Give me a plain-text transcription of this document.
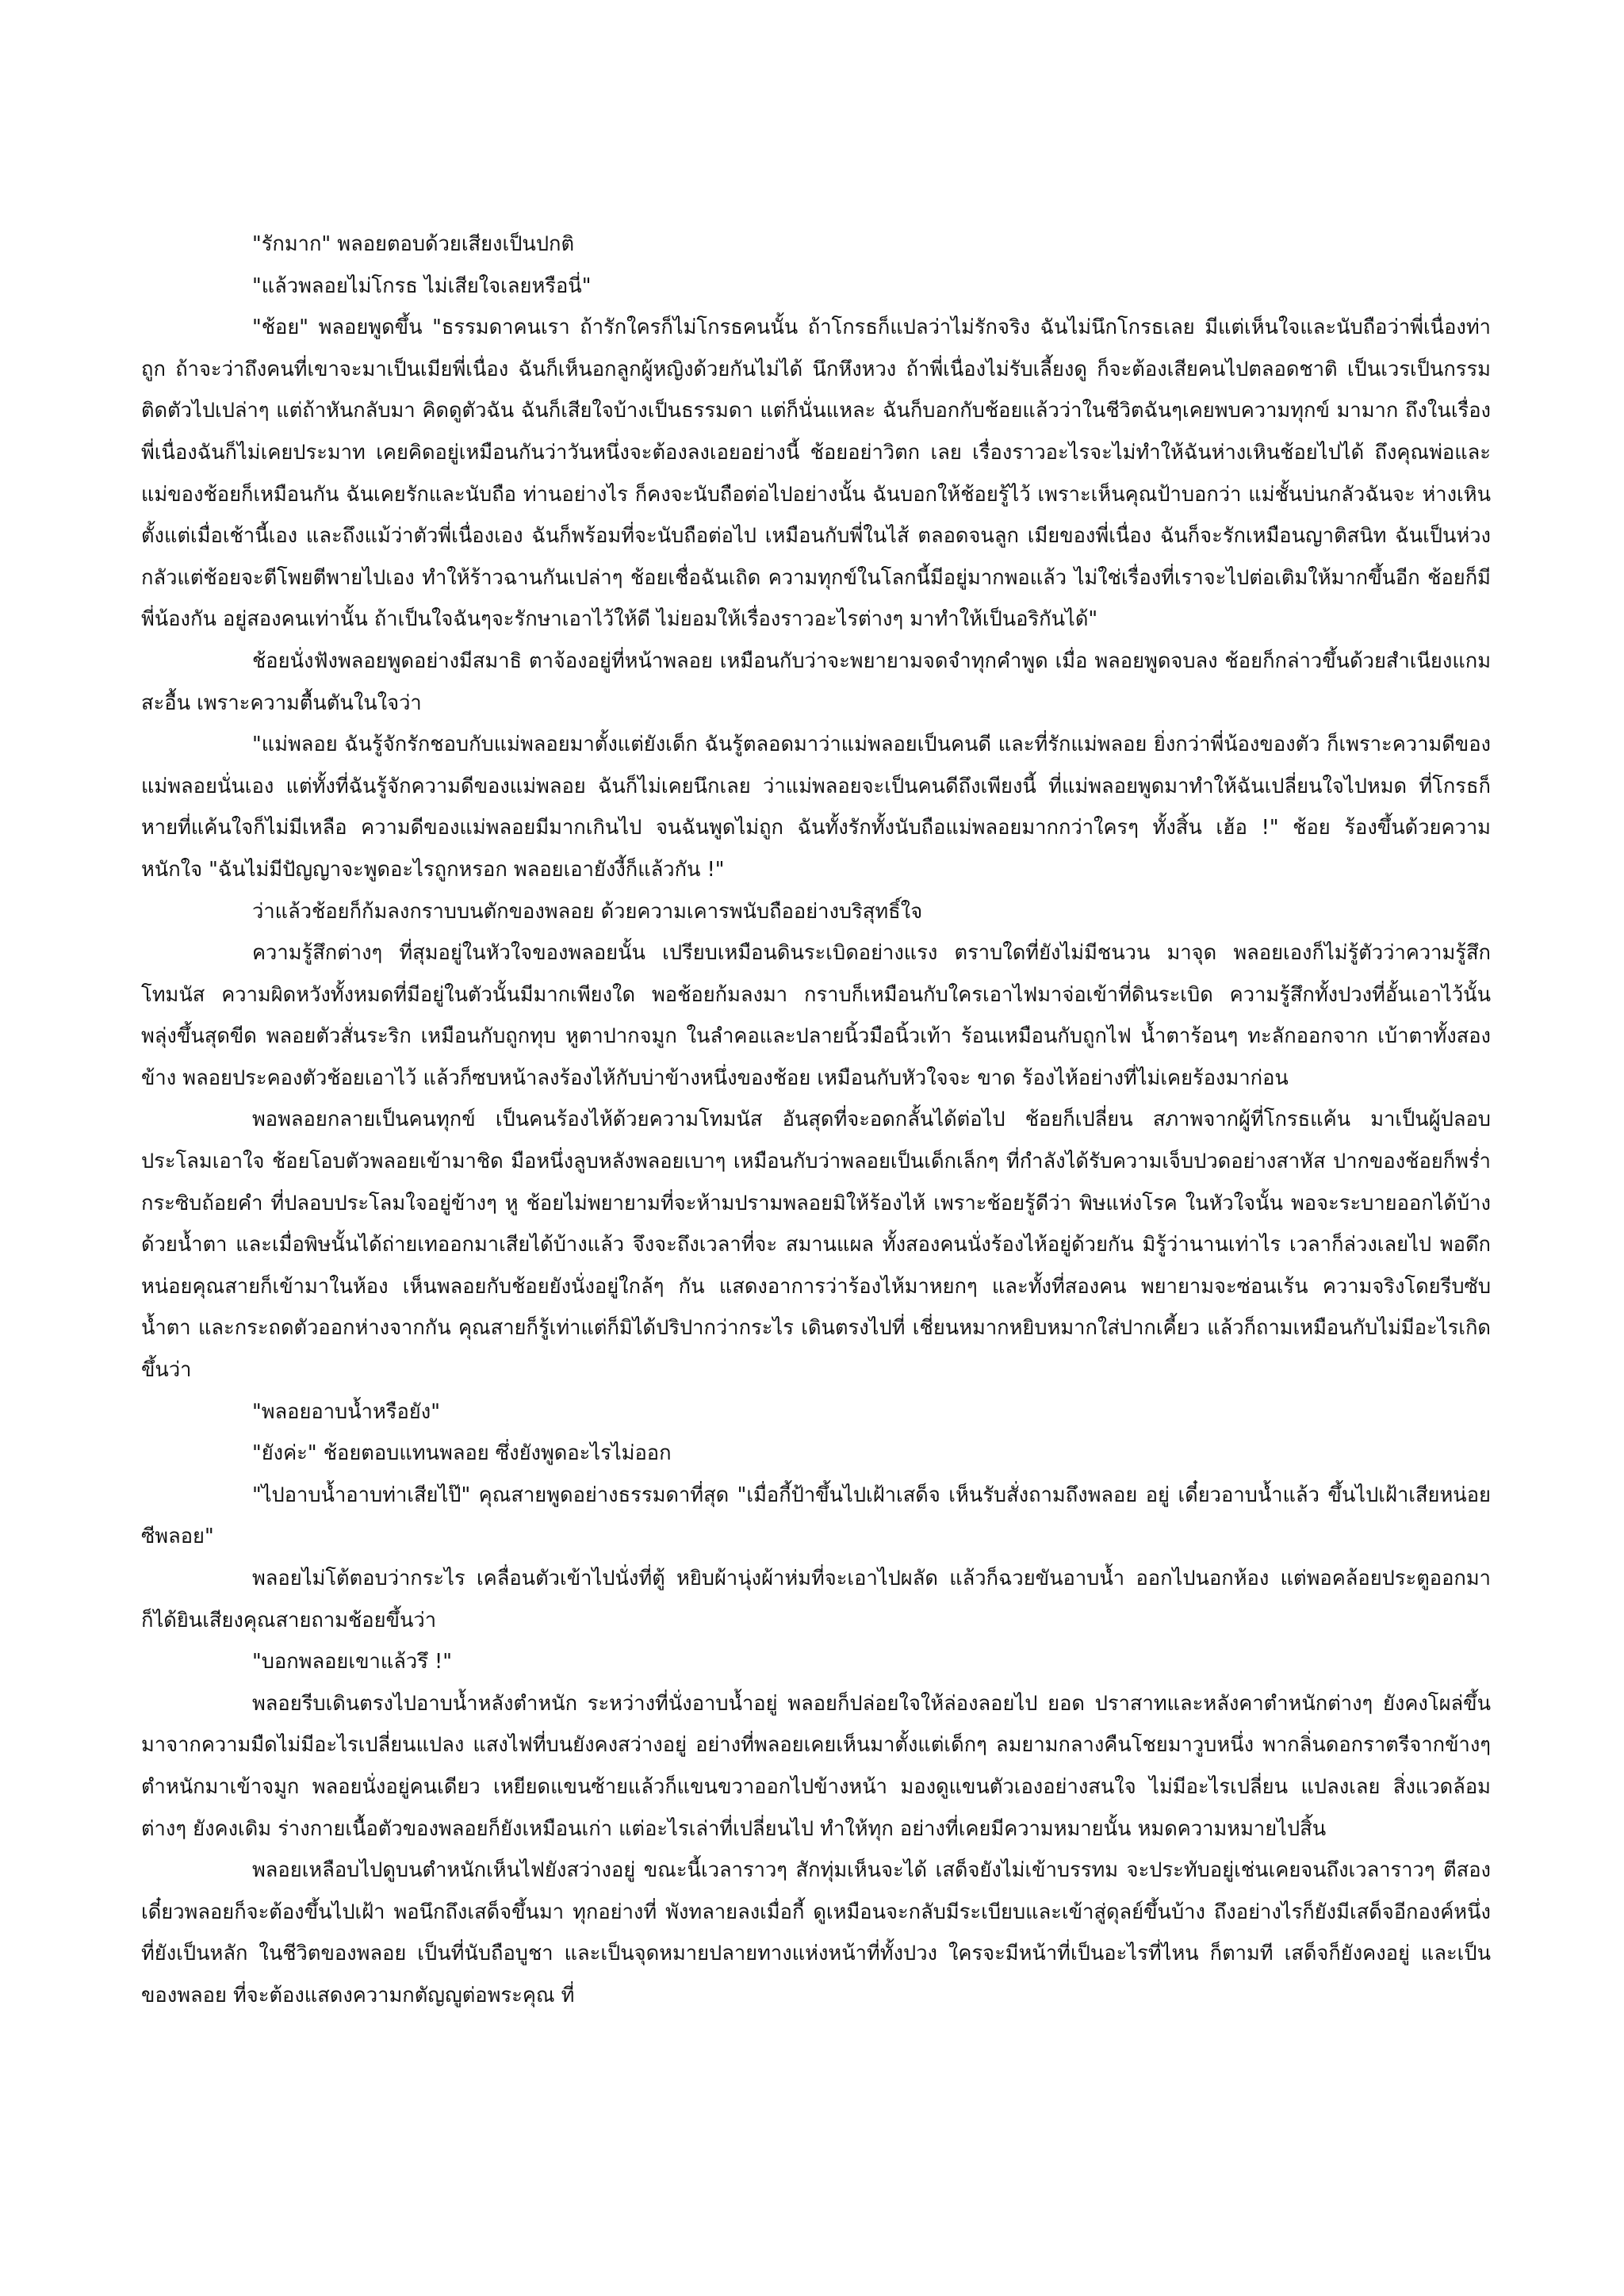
"รักมาก" พลอยตอบด้วยเสียงเป็นปกติ

"แล้วพลอยไม่โกรธ ไม่เสียใจเลยหรือนี่"

"ช้อย" พลอยพูดขึ้น "ธรรมดาคนเรา ถ้ารักใครก็ไม่โกรธคนนั้น ถ้าโกรธก็แปลว่าไม่รักจริง ฉันไม่นึกโกรธเลย มีแต่เห็นใจและนับถือว่าพี่เนื่องท่าถูก ถ้าจะว่าถึงคนที่เขาจะมาเป็นเมียพี่เนื่อง ฉันก็เห็นอกลูกผู้หญิงด้วยกันไม่ได้ นึกหึงหวง ถ้าพี่เนื่องไม่รับเลี้ยงดู ก็จะต้องเสียคนไปตลอดชาติ เป็นเวรเป็นกรรมติดตัวไปเปล่าๆ แต่ถ้าหันกลับมา คิดดูตัวฉัน ฉันก็เสียใจบ้างเป็นธรรมดา แต่ก็นั่นแหละ ฉันก็บอกกับช้อยแล้วว่าในชีวิตฉันๆเคยพบความทุกข์ มามาก ถึงในเรื่องพี่เนื่องฉันก็ไม่เคยประมาท เคยคิดอยู่เหมือนกันว่าวันหนึ่งจะต้องลงเอยอย่างนี้ ช้อยอย่าวิตก เลย เรื่องราวอะไรจะไม่ทำให้ฉันห่างเหินช้อยไปได้ ถึงคุณพ่อและแม่ของช้อยก็เหมือนกัน ฉันเคยรักและนับถือ ท่านอย่างไร ก็คงจะนับถือต่อไปอย่างนั้น ฉันบอกให้ช้อยรู้ไว้ เพราะเห็นคุณป้าบอกว่า แม่ชั้นบ่นกลัวฉันจะ ห่างเหินตั้งแต่เมื่อเช้านี้เอง และถึงแม้ว่าตัวพี่เนื่องเอง ฉันก็พร้อมที่จะนับถือต่อไป เหมือนกับพี่ในไส้ ตลอดจนลูก เมียของพี่เนื่อง ฉันก็จะรักเหมือนญาติสนิท ฉันเป็นห่วงกลัวแต่ช้อยจะตีโพยตีพายไปเอง ทำให้ร้าวฉานกันเปล่าๆ ช้อยเชื่อฉันเถิด ความทุกข์ในโลกนี้มีอยู่มากพอแล้ว ไม่ใช่เรื่องที่เราจะไปต่อเติมให้มากขึ้นอีก ช้อยก็มีพี่น้องกัน อยู่สองคนเท่านั้น ถ้าเป็นใจฉันๆจะรักษาเอาไว้ให้ดี ไม่ยอมให้เรื่องราวอะไรต่างๆ มาทำให้เป็นอริกันได้"

ช้อยนั่งฟังพลอยพูดอย่างมีสมาธิ ตาจ้องอยู่ที่หน้าพลอย เหมือนกับว่าจะพยายามจดจำทุกคำพูด เมื่อ พลอยพูดจบลง ช้อยก็กล่าวขึ้นด้วยสำเนียงแกมสะอื้น เพราะความตื้นตันในใจว่า

"แม่พลอย ฉันรู้จักรักชอบกับแม่พลอยมาตั้งแต่ยังเด็ก ฉันรู้ตลอดมาว่าแม่พลอยเป็นคนดี และที่รักแม่พลอย ยิ่งกว่าพี่น้องของตัว ก็เพราะความดีของแม่พลอยนั่นเอง แต่ทั้งที่ฉันรู้จักความดีของแม่พลอย ฉันก็ไม่เคยนึกเลย ว่าแม่พลอยจะเป็นคนดีถึงเพียงนี้ ที่แม่พลอยพูดมาทำให้ฉันเปลี่ยนใจไปหมด ที่โกรธก็หายที่แค้นใจก็ไม่มีเหลือ ความดีของแม่พลอยมีมากเกินไป จนฉันพูดไม่ถูก ฉันทั้งรักทั้งนับถือแม่พลอยมากกว่าใครๆ ทั้งสิ้น เฮ้อ !" ช้อย ร้องขึ้นด้วยความหนักใจ "ฉันไม่มีปัญญาจะพูดอะไรถูกหรอก พลอยเอายังงี้ก็แล้วกัน !"

ว่าแล้วช้อยก็ก้มลงกราบบนตักของพลอย ด้วยความเคารพนับถืออย่างบริสุทธิ์ใจ

ความรู้สึกต่างๆ ที่สุมอยู่ในหัวใจของพลอยนั้น เปรียบเหมือนดินระเบิดอย่างแรง ตราบใดที่ยังไม่มีชนวน มาจุด พลอยเองก็ไม่รู้ตัวว่าความรู้สึกโทมนัส ความผิดหวังทั้งหมดที่มีอยู่ในตัวนั้นมีมากเพียงใด พอช้อยก้มลงมา กราบก็เหมือนกับใครเอาไฟมาจ่อเข้าที่ดินระเบิด ความรู้สึกทั้งปวงที่อั้นเอาไว้นั้น พลุ่งขึ้นสุดขีด พลอยตัวสั่นระริก เหมือนกับถูกทุบ หูตาปากจมูก ในลำคอและปลายนิ้วมือนิ้วเท้า ร้อนเหมือนกับถูกไฟ น้ำตาร้อนๆ ทะลักออกจาก เบ้าตาทั้งสองข้าง พลอยประคองตัวช้อยเอาไว้ แล้วก็ซบหน้าลงร้องไห้กับบ่าข้างหนึ่งของช้อย เหมือนกับหัวใจจะ ขาด ร้องไห้อย่างที่ไม่เคยร้องมาก่อน

พอพลอยกลายเป็นคนทุกข์ เป็นคนร้องไห้ด้วยความโทมนัส อันสุดที่จะอดกลั้นได้ต่อไป ช้อยก็เปลี่ยน สภาพจากผู้ที่โกรธแค้น มาเป็นผู้ปลอบประโลมเอาใจ ช้อยโอบตัวพลอยเข้ามาชิด มือหนึ่งลูบหลังพลอยเบาๆ เหมือนกับว่าพลอยเป็นเด็กเล็กๆ ที่กำลังได้รับความเจ็บปวดอย่างสาหัส ปากของช้อยก็พร่ำกระซิบถ้อยคำ ที่ปลอบประโลมใจอยู่ข้างๆ หู ช้อยไม่พยายามที่จะห้ามปรามพลอยมิให้ร้องไห้ เพราะช้อยรู้ดีว่า พิษแห่งโรค ในหัวใจนั้น พอจะระบายออกได้บ้างด้วยน้ำตา และเมื่อพิษนั้นได้ถ่ายเทออกมาเสียได้บ้างแล้ว จึงจะถึงเวลาที่จะ สมานแผล ทั้งสองคนนั่งร้องไห้อยู่ด้วยกัน มิรู้ว่านานเท่าไร เวลาก็ล่วงเลยไป พอดึกหน่อยคุณสายก็เข้ามาในห้อง เห็นพลอยกับช้อยยังนั่งอยู่ใกล้ๆ กัน แสดงอาการว่าร้องไห้มาหยกๆ และทั้งที่สองคน พยายามจะซ่อนเร้น ความจริงโดยรีบซับน้ำตา และกระถดตัวออกห่างจากกัน คุณสายก็รู้เท่าแต่ก็มิได้ปริปากว่ากระไร เดินตรงไปที่ เชี่ยนหมากหยิบหมากใส่ปากเคี้ยว แล้วก็ถามเหมือนกับไม่มีอะไรเกิดขึ้นว่า

"พลอยอาบน้ำหรือยัง"

"ยังค่ะ" ช้อยตอบแทนพลอย ซึ่งยังพูดอะไรไม่ออก

"ไปอาบน้ำอาบท่าเสียไป๊" คุณสายพูดอย่างธรรมดาที่สุด "เมื่อกี้ป้าขึ้นไปเฝ้าเสด็จ เห็นรับสั่งถามถึงพลอย อยู่ เดี๋ยวอาบน้ำแล้ว ขึ้นไปเฝ้าเสียหน่อยซีพลอย"

พลอยไม่โต้ตอบว่ากระไร เคลื่อนตัวเข้าไปนั่งที่ตู้ หยิบผ้านุ่งผ้าห่มที่จะเอาไปผลัด แล้วก็ฉวยขันอาบน้ำ ออกไปนอกห้อง แต่พอคล้อยประตูออกมา ก็ได้ยินเสียงคุณสายถามช้อยขึ้นว่า

"บอกพลอยเขาแล้วรึ !"

พลอยรีบเดินตรงไปอาบน้ำหลังตำหนัก ระหว่างที่นั่งอาบน้ำอยู่ พลอยก็ปล่อยใจให้ล่องลอยไป ยอด ปราสาทและหลังคาตำหนักต่างๆ ยังคงโผล่ขึ้นมาจากความมืดไม่มีอะไรเปลี่ยนแปลง แสงไฟที่บนยังคงสว่างอยู่ อย่างที่พลอยเคยเห็นมาตั้งแต่เด็กๆ ลมยามกลางคืนโชยมาวูบหนึ่ง พากลิ่นดอกราตรีจากข้างๆ ตำหนักมาเข้าจมูก พลอยนั่งอยู่คนเดียว เหยียดแขนซ้ายแล้วก็แขนขวาออกไปข้างหน้า มองดูแขนตัวเองอย่างสนใจ ไม่มีอะไรเปลี่ยน แปลงเลย สิ่งแวดล้อมต่างๆ ยังคงเดิม ร่างกายเนื้อตัวของพลอยก็ยังเหมือนเก่า แต่อะไรเล่าที่เปลี่ยนไป ทำให้ทุก อย่างที่เคยมีความหมายนั้น หมดความหมายไปสิ้น

พลอยเหลือบไปดูบนตำหนักเห็นไฟยังสว่างอยู่ ขณะนี้เวลาราวๆ สักทุ่มเห็นจะได้ เสด็จยังไม่เข้าบรรทม จะประทับอยู่เช่นเคยจนถึงเวลาราวๆ ตีสอง เดี๋ยวพลอยก็จะต้องขึ้นไปเฝ้า พอนึกถึงเสด็จขึ้นมา ทุกอย่างที่ พังทลายลงเมื่อกี้ ดูเหมือนจะกลับมีระเบียบและเข้าสู่ดุลย์ขึ้นบ้าง ถึงอย่างไรก็ยังมีเสด็จอีกองค์หนึ่ง ที่ยังเป็นหลัก ในชีวิตของพลอย เป็นที่นับถือบูชา และเป็นจุดหมายปลายทางแห่งหน้าที่ทั้งปวง ใครจะมีหน้าที่เป็นอะไรที่ไหน ก็ตามที เสด็จก็ยังคงอยู่ และเป็นของพลอย ที่จะต้องแสดงความกตัญญูต่อพระคุณ ที่
